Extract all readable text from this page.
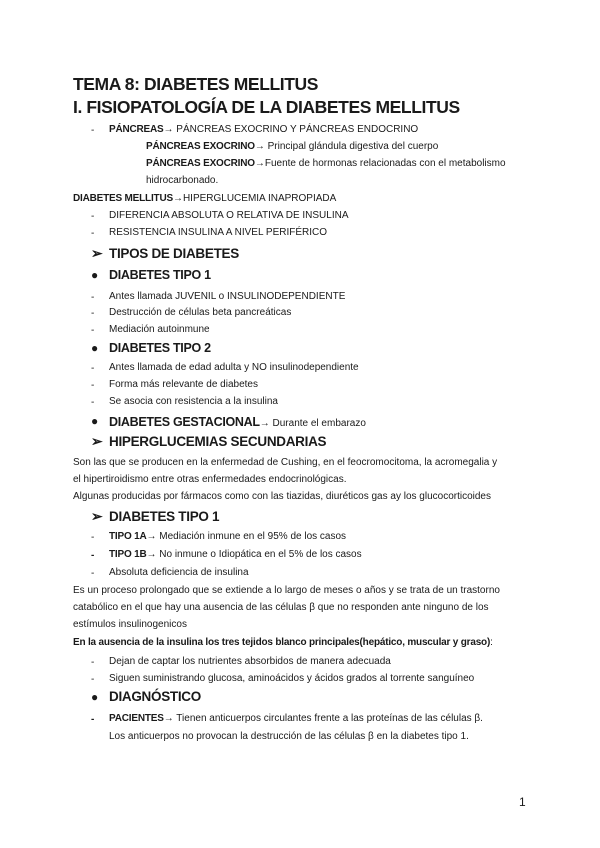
TEMA 8: DIABETES MELLITUS
I. FISIOPATOLOGÍA DE LA DIABETES MELLITUS
- PÁNCREAS→ PÁNCREAS EXOCRINO Y PÁNCREAS ENDOCRINO
PÁNCREAS EXOCRINO→ Principal glándula digestiva del cuerpo
PÁNCREAS EXOCRINO→Fuente de hormonas relacionadas con el metabolismo
hidrocarbonado.
DIABETES MELLITUS→HIPERGLUCEMIA INAPROPIADA
- DIFERENCIA ABSOLUTA O RELATIVA DE INSULINA
- RESISTENCIA INSULINA A NIVEL PERIFÉRICO
➢ TIPOS DE DIABETES
● DIABETES TIPO 1
- Antes llamada JUVENIL o INSULINODEPENDIENTE
- Destrucción de células beta pancreáticas
- Mediación autoinmune
● DIABETES TIPO 2
- Antes llamada de edad adulta y NO insulinodependiente
- Forma más relevante de diabetes
- Se asocia con resistencia a la insulina
● DIABETES GESTACIONAL→ Durante el embarazo
➢ HIPERGLUCEMIAS SECUNDARIAS
Son las que se producen en la enfermedad de Cushing, en el feocromocitoma, la acromegalia y
el hipertiroidismo entre otras enfermedades endocrinológicas.
Algunas producidas por fármacos como con las tiazidas, diuréticos gas ay los glucocorticoides
➢ DIABETES TIPO 1
- TIPO 1A→ Mediación inmune en el 95% de los casos
- TIPO 1B→ No inmune o Idiopática en el 5% de los casos
- Absoluta deficiencia de insulina
Es un proceso prolongado que se extiende a lo largo de meses o años y se trata de un trastorno
catabólico en el que hay una ausencia de las células β que no responden ante ninguno de los
estímulos insulinogenicos
En la ausencia de la insulina los tres tejidos blanco principales(hepático, muscular y graso):
- Dejan de captar los nutrientes absorbidos de manera adecuada
- Siguen suministrando glucosa, aminoácidos y ácidos grados al torrente sanguíneo
● DIAGNÓSTICO
- PACIENTES→ Tienen anticuerpos circulantes frente a las proteínas de las células β.
Los anticuerpos no provocan la destrucción de las células β en la diabetes tipo 1.
1
